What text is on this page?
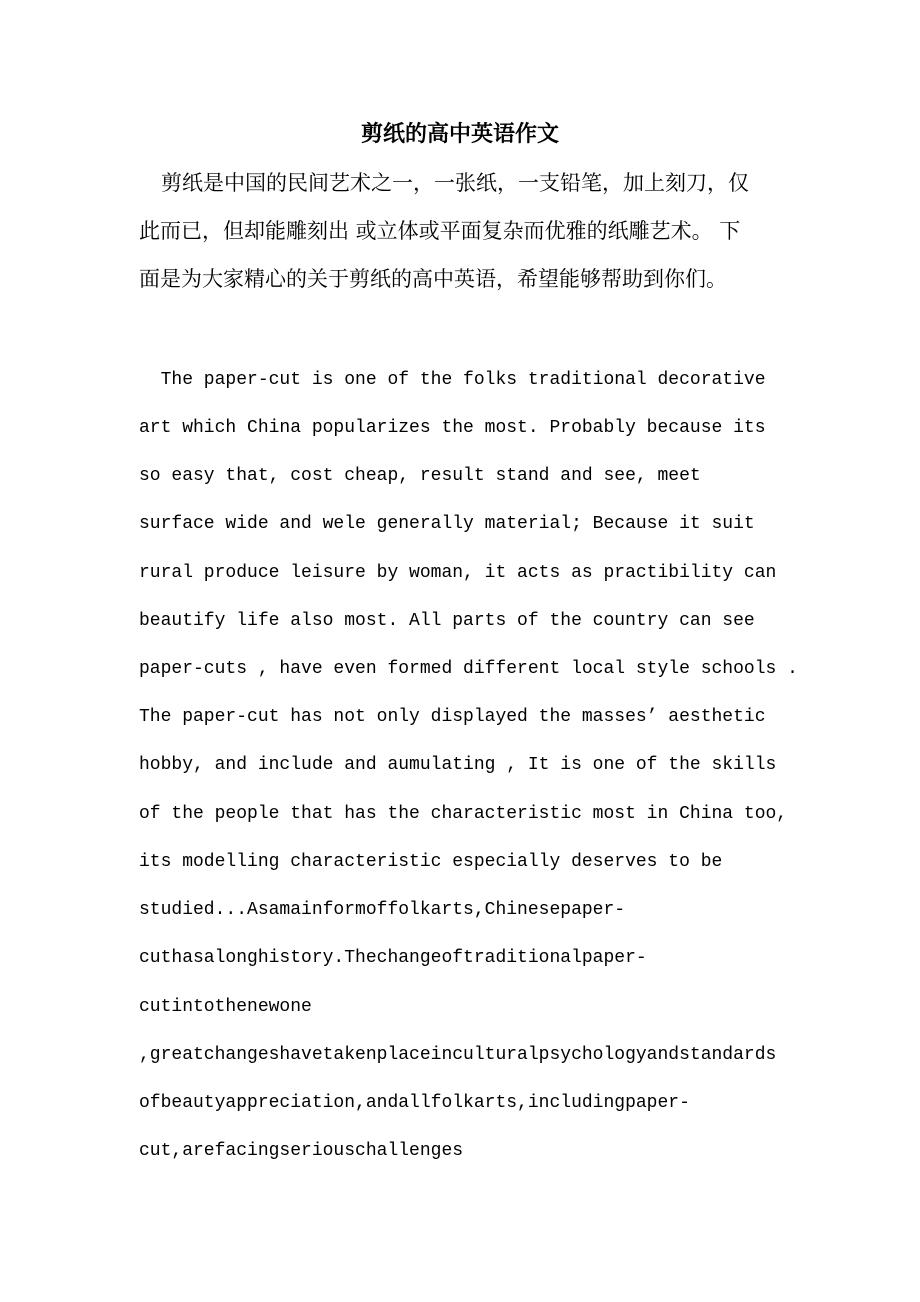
剪纸的高中英语作文

剪纸是中国的民间艺术之一，一张纸，一支铅笔，加上刻刀，仅

此而已，但却能雕刻出 或立体或平面复杂而优雅的纸雕艺术。 下

面是为大家精心的关于剪纸的高中英语，希望能够帮助到你们。

The paper-cut is one of the folks traditional decorative

art which China popularizes the most. Probably because its

so easy that, cost cheap, result stand and see, meet

surface wide and wele generally material; Because it suit

rural produce leisure by woman, it acts as practibility can

beautify life also most. All parts of the country can see

paper-cuts , have even formed different local style schools .

The paper-cut has not only displayed the masses’ aesthetic

hobby, and include and aumulating , It is one of the skills

of the people that has the characteristic most in China too,

its modelling characteristic especially deserves to be

studied...Asamainformoffolkarts,Chinesepaper-

cuthasalonghistory.Thechangeoftraditionalpaper-

cutintothenewone

,greatchangeshavetakenplaceinculturalpsychologyandstandards

ofbeautyappreciation,andallfolkarts,includingpaper-

cut,arefacingseriouschallenges
